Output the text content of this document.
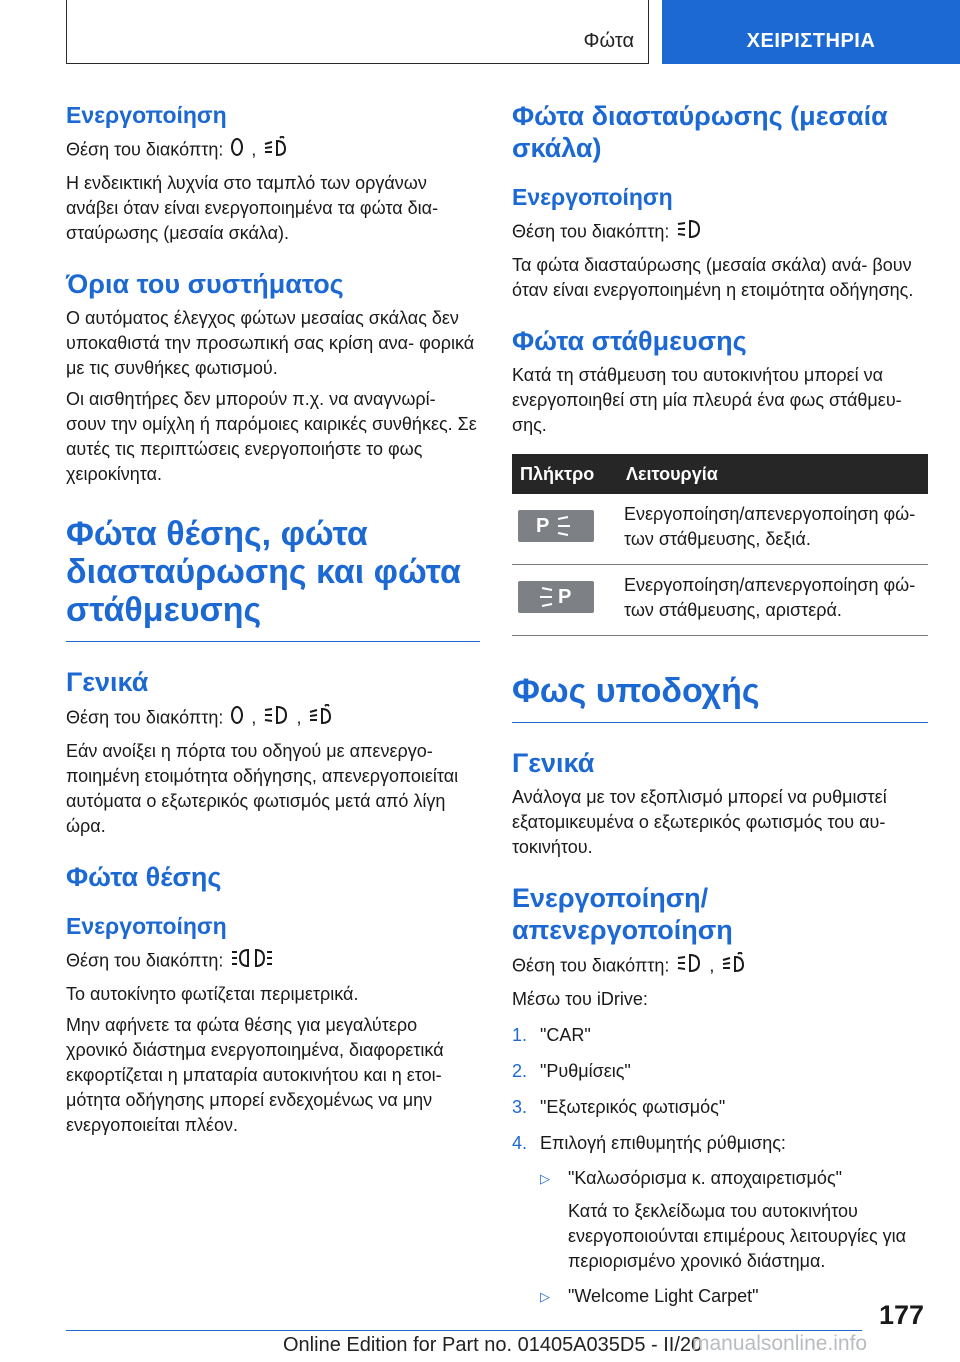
Φώτα	ΧΕΙΡΙΣΤΗΡΙΑ
Ενεργοποίηση

Θέση του διακόπτη: ,

Η ενδεικτική λυχνία στο ταμπλό των οργάνων ανάβει όταν είναι ενεργοποιημένα τα φώτα δια- σταύρωσης (μεσαία σκάλα).

Όρια του συστήματος

Ο αυτόματος έλεγχος φώτων μεσαίας σκάλας δεν υποκαθιστά την προσωπική σας κρίση ανα- φορικά με τις συνθήκες φωτισμού.

Οι αισθητήρες δεν μπορούν π.χ. να αναγνωρί- σουν την ομίχλη ή παρόμοιες καιρικές συνθήκες. Σε αυτές τις περιπτώσεις ενεργοποιήστε το φως χειροκίνητα.

Φώτα θέσης, φώτα διασταύρωσης και φώτα στάθμευσης
Γενικά

Θέση του διακόπτη: , ,

Εάν ανοίξει η πόρτα του οδηγού με απενεργο- ποιημένη ετοιμότητα οδήγησης, απενεργοποιείται αυτόματα ο εξωτερικός φωτισμός μετά από λίγη ώρα.

Φώτα θέσης
Ενεργοποίηση

Θέση του διακόπτη:

Το αυτοκίνητο φωτίζεται περιμετρικά.

Μην αφήνετε τα φώτα θέσης για μεγαλύτερο χρονικό διάστημα ενεργοποιημένα, διαφορετικά εκφορτίζεται η μπαταρία αυτοκινήτου και η ετοι- μότητα οδήγησης μπορεί ενδεχομένως να μην ενεργοποιείται πλέον.

Φώτα διασταύρωσης (μεσαία σκάλα)
Ενεργοποίηση

Θέση του διακόπτη:

Τα φώτα διασταύρωσης (μεσαία σκάλα) ανά- βουν όταν είναι ενεργοποιημένη η ετοιμότητα οδήγησης.

Φώτα στάθμευσης

Κατά τη στάθμευση του αυτοκινήτου μπορεί να ενεργοποιηθεί στη μία πλευρά ένα φως στάθμευ- σης.

Πλήκτρο	Λειτουργία

P	Ενεργοποίηση/απενεργοποίηση φώ- των στάθμευσης, δεξιά.

P	Ενεργοποίηση/απενεργοποίηση φώ- των στάθμευσης, αριστερά.
Φως υποδοχής
Γενικά

Ανάλογα με τον εξοπλισμό μπορεί να ρυθμιστεί εξατομικευμένα ο εξωτερικός φωτισμός του αυ- τοκινήτου.

Ενεργοποίηση/απενεργοποίηση

Θέση του διακόπτη: ,

Μέσω του iDrive:

1. "CAR"
2. "Ρυθμίσεις"
3. "Εξωτερικός φωτισμός"
4. Επιλογή επιθυμητής ρύθμισης:
▷ "Καλωσόρισμα κ. αποχαιρετισμός"

Κατά το ξεκλείδωμα του αυτοκινήτου ενεργοποιούνται επιμέρους λειτουργίες για περιορισμένο χρονικό διάστημα.

▷ "Welcome Light Carpet"
177
Online Edition for Part no. 01405A035D5 - II/20
manualsonline.info
